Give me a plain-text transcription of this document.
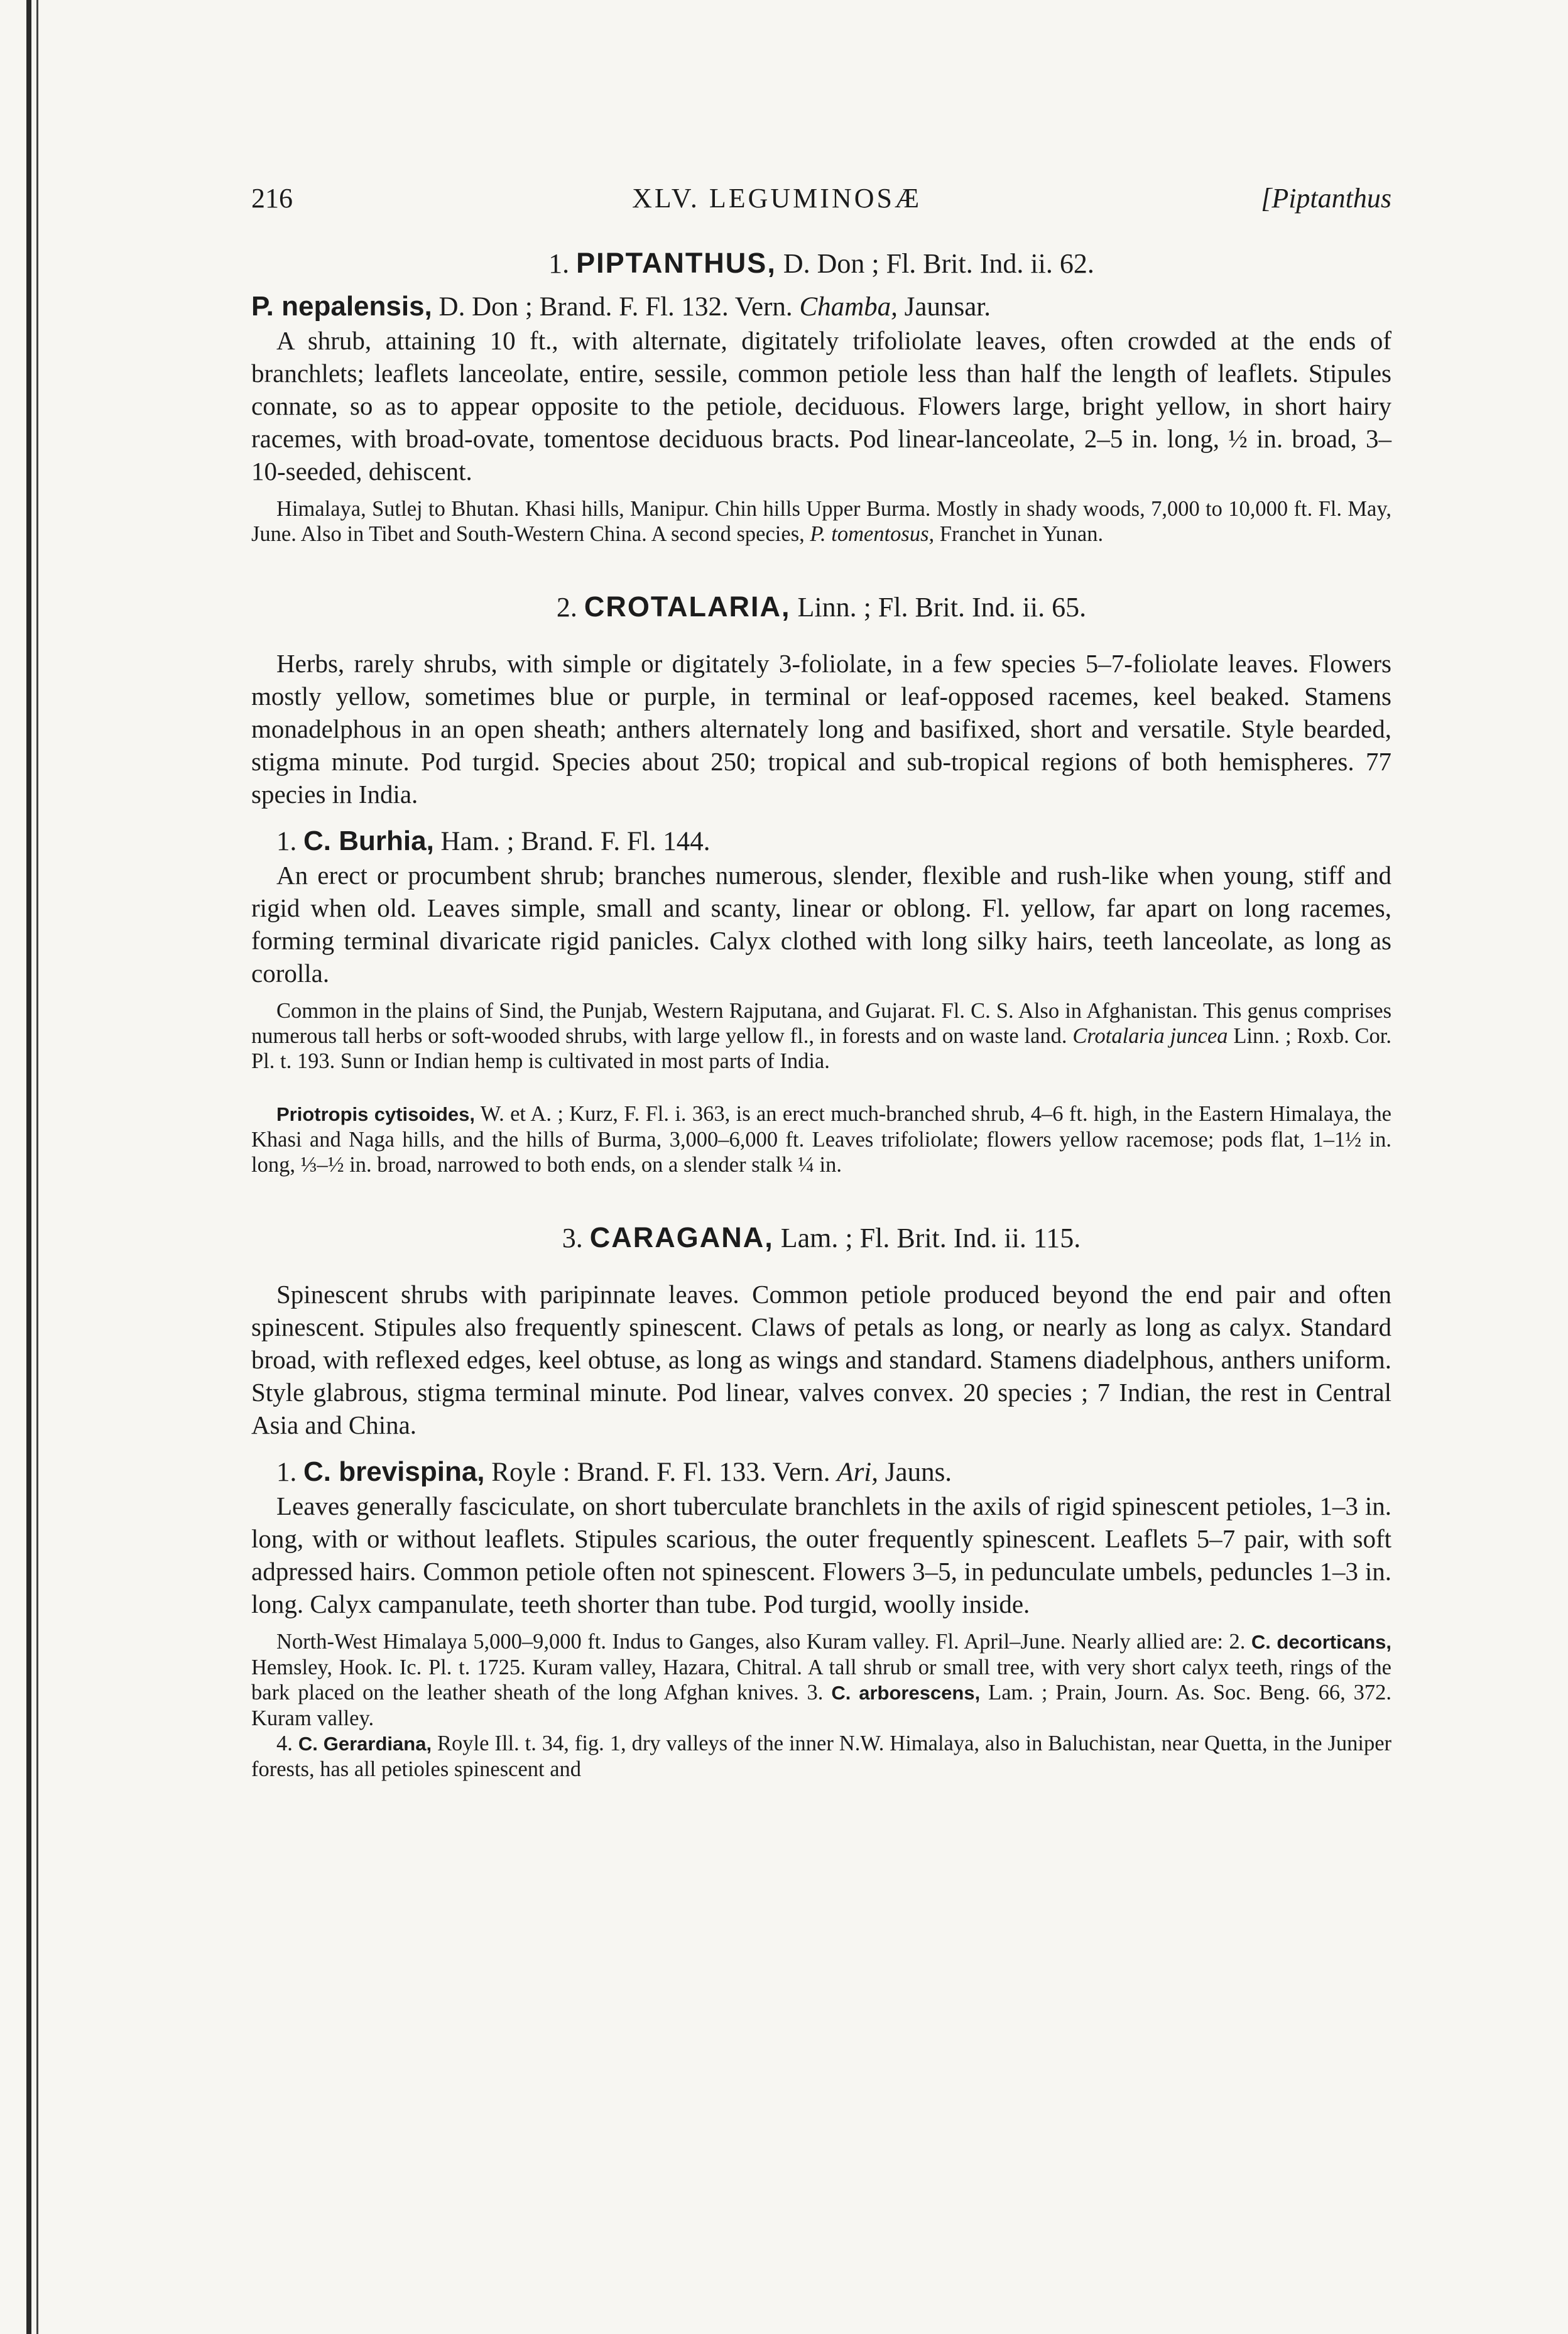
216	XLV. LEGUMINOSÆ	[Piptanthus
1. PIPTANTHUS, D. Don ; Fl. Brit. Ind. ii. 62.

P. nepalensis, D. Don ; Brand. F. Fl. 132. Vern. Chamba, Jaunsar.

A shrub, attaining 10 ft., with alternate, digitately trifoliolate leaves, often crowded at the ends of branchlets; leaflets lanceolate, entire, sessile, common petiole less than half the length of leaflets. Stipules connate, so as to appear opposite to the petiole, deciduous. Flowers large, bright yellow, in short hairy racemes, with broad-ovate, tomentose deciduous bracts. Pod linear-lanceolate, 2–5 in. long, ½ in. broad, 3–10-seeded, dehiscent.

Himalaya, Sutlej to Bhutan. Khasi hills, Manipur. Chin hills Upper Burma. Mostly in shady woods, 7,000 to 10,000 ft. Fl. May, June. Also in Tibet and South-Western China. A second species, P. tomentosus, Franchet in Yunan.

2. CROTALARIA, Linn. ; Fl. Brit. Ind. ii. 65.

Herbs, rarely shrubs, with simple or digitately 3-foliolate, in a few species 5–7-foliolate leaves. Flowers mostly yellow, sometimes blue or purple, in terminal or leaf-opposed racemes, keel beaked. Stamens monadelphous in an open sheath; anthers alternately long and basifixed, short and versatile. Style bearded, stigma minute. Pod turgid. Species about 250; tropical and sub-tropical regions of both hemispheres. 77 species in India.

1. C. Burhia, Ham. ; Brand. F. Fl. 144.

An erect or procumbent shrub; branches numerous, slender, flexible and rush-like when young, stiff and rigid when old. Leaves simple, small and scanty, linear or oblong. Fl. yellow, far apart on long racemes, forming terminal divaricate rigid panicles. Calyx clothed with long silky hairs, teeth lanceolate, as long as corolla.

Common in the plains of Sind, the Punjab, Western Rajputana, and Gujarat. Fl. C. S. Also in Afghanistan. This genus comprises numerous tall herbs or soft-wooded shrubs, with large yellow fl., in forests and on waste land. Crotalaria juncea Linn. ; Roxb. Cor. Pl. t. 193. Sunn or Indian hemp is cultivated in most parts of India.

Priotropis cytisoides, W. et A. ; Kurz, F. Fl. i. 363, is an erect much-branched shrub, 4–6 ft. high, in the Eastern Himalaya, the Khasi and Naga hills, and the hills of Burma, 3,000–6,000 ft. Leaves trifoliolate; flowers yellow racemose; pods flat, 1–1½ in. long, ⅓–½ in. broad, narrowed to both ends, on a slender stalk ¼ in.

3. CARAGANA, Lam. ; Fl. Brit. Ind. ii. 115.

Spinescent shrubs with paripinnate leaves. Common petiole produced beyond the end pair and often spinescent. Stipules also frequently spinescent. Claws of petals as long, or nearly as long as calyx. Standard broad, with reflexed edges, keel obtuse, as long as wings and standard. Stamens diadelphous, anthers uniform. Style glabrous, stigma terminal minute. Pod linear, valves convex. 20 species ; 7 Indian, the rest in Central Asia and China.

1. C. brevispina, Royle : Brand. F. Fl. 133. Vern. Ari, Jauns.

Leaves generally fasciculate, on short tuberculate branchlets in the axils of rigid spinescent petioles, 1–3 in. long, with or without leaflets. Stipules scarious, the outer frequently spinescent. Leaflets 5–7 pair, with soft adpressed hairs. Common petiole often not spinescent. Flowers 3–5, in pedunculate umbels, peduncles 1–3 in. long. Calyx campanulate, teeth shorter than tube. Pod turgid, woolly inside.

North-West Himalaya 5,000–9,000 ft. Indus to Ganges, also Kuram valley. Fl. April–June. Nearly allied are: 2. C. decorticans, Hemsley, Hook. Ic. Pl. t. 1725. Kuram valley, Hazara, Chitral. A tall shrub or small tree, with very short calyx teeth, rings of the bark placed on the leather sheath of the long Afghan knives. 3. C. arborescens, Lam. ; Prain, Journ. As. Soc. Beng. 66, 372. Kuram valley.
4. C. Gerardiana, Royle Ill. t. 34, fig. 1, dry valleys of the inner N.W. Himalaya, also in Baluchistan, near Quetta, in the Juniper forests, has all petioles spinescent and
